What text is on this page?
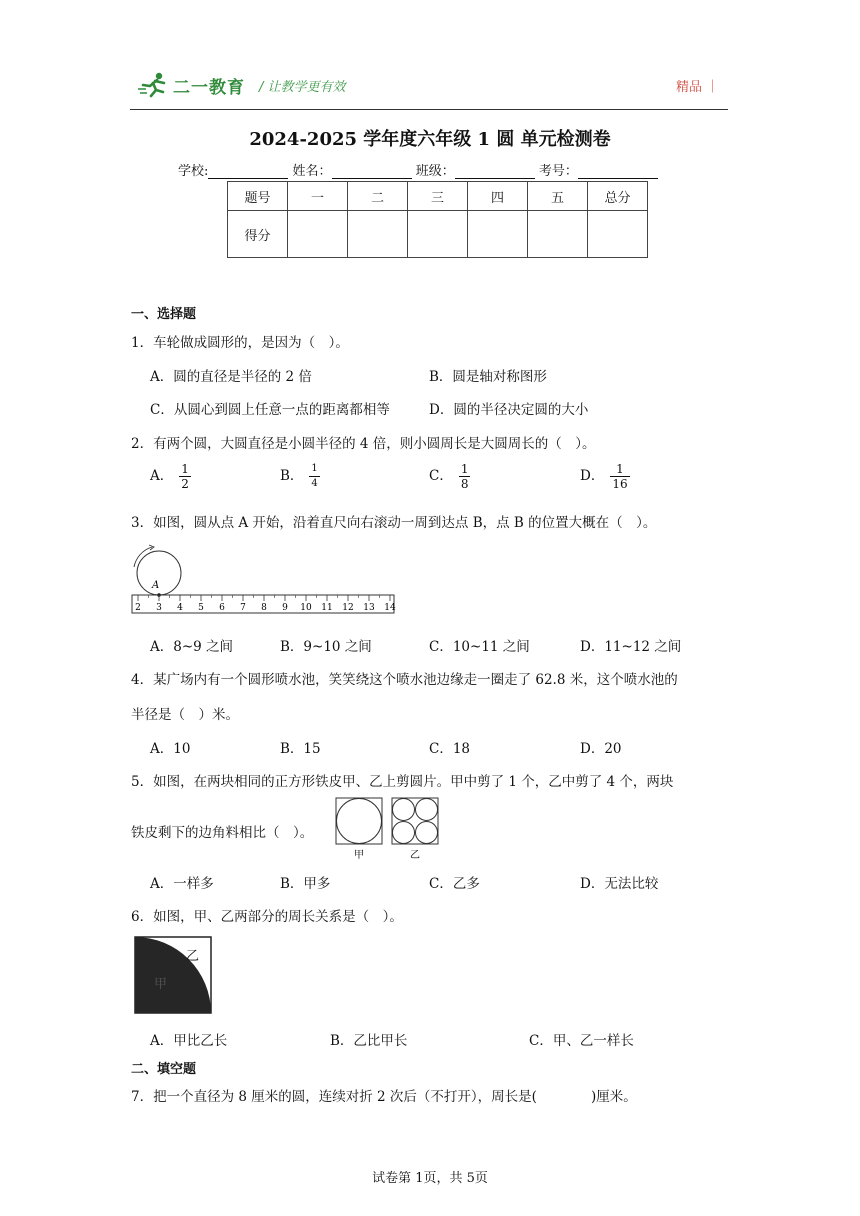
二一教育 / 让教学更有效	精品 ｜
2024-2025 学年度六年级 1 圆 单元检测卷
学校:	姓名：	班级：	考号：
题号	一	二	三	四	五	总分
得分						
一、选择题
1．车轮做成圆形的，是因为（　）。
A．圆的直径是半径的 2 倍	B．圆是轴对称图形
C．从圆心到圆上任意一点的距离都相等	D．圆的半径决定圆的大小
2．有两个圆，大圆直径是小圆半径的 4 倍，则小圆周长是大圆周长的（　）。
A． $\frac{1}{2}$	B． $\frac{1}{4}$	C． $\frac{1}{8}$	D． $\frac{1}{16}$
3．如图，圆从点 A 开始，沿着直尺向右滚动一周到达点 B，点 B 的位置大概在（　）。
A
2 3 4 5 6 7 8 9 10 11 12 13 14
A．8~9 之间	B．9~10 之间	C．10~11 之间	D．11~12 之间
4．某广场内有一个圆形喷水池，笑笑绕这个喷水池边缘走一圈走了 62.8 米，这个喷水池的
半径是（　）米。
A．10	B．15	C．18	D．20
5．如图，在两块相同的正方形铁皮甲、乙上剪圆片。甲中剪了 1 个，乙中剪了 4 个，两块
铁皮剩下的边角料相比（　）。
甲	乙
A．一样多	B．甲多	C．乙多	D．无法比较
6．如图，甲、乙两部分的周长关系是（　）。
乙
甲
A．甲比乙长	B．乙比甲长	C．甲、乙一样长
二、填空题
7．把一个直径为 8 厘米的圆，连续对折 2 次后（不打开），周长是(　　　　)厘米。
试卷第 1页，共 5页
